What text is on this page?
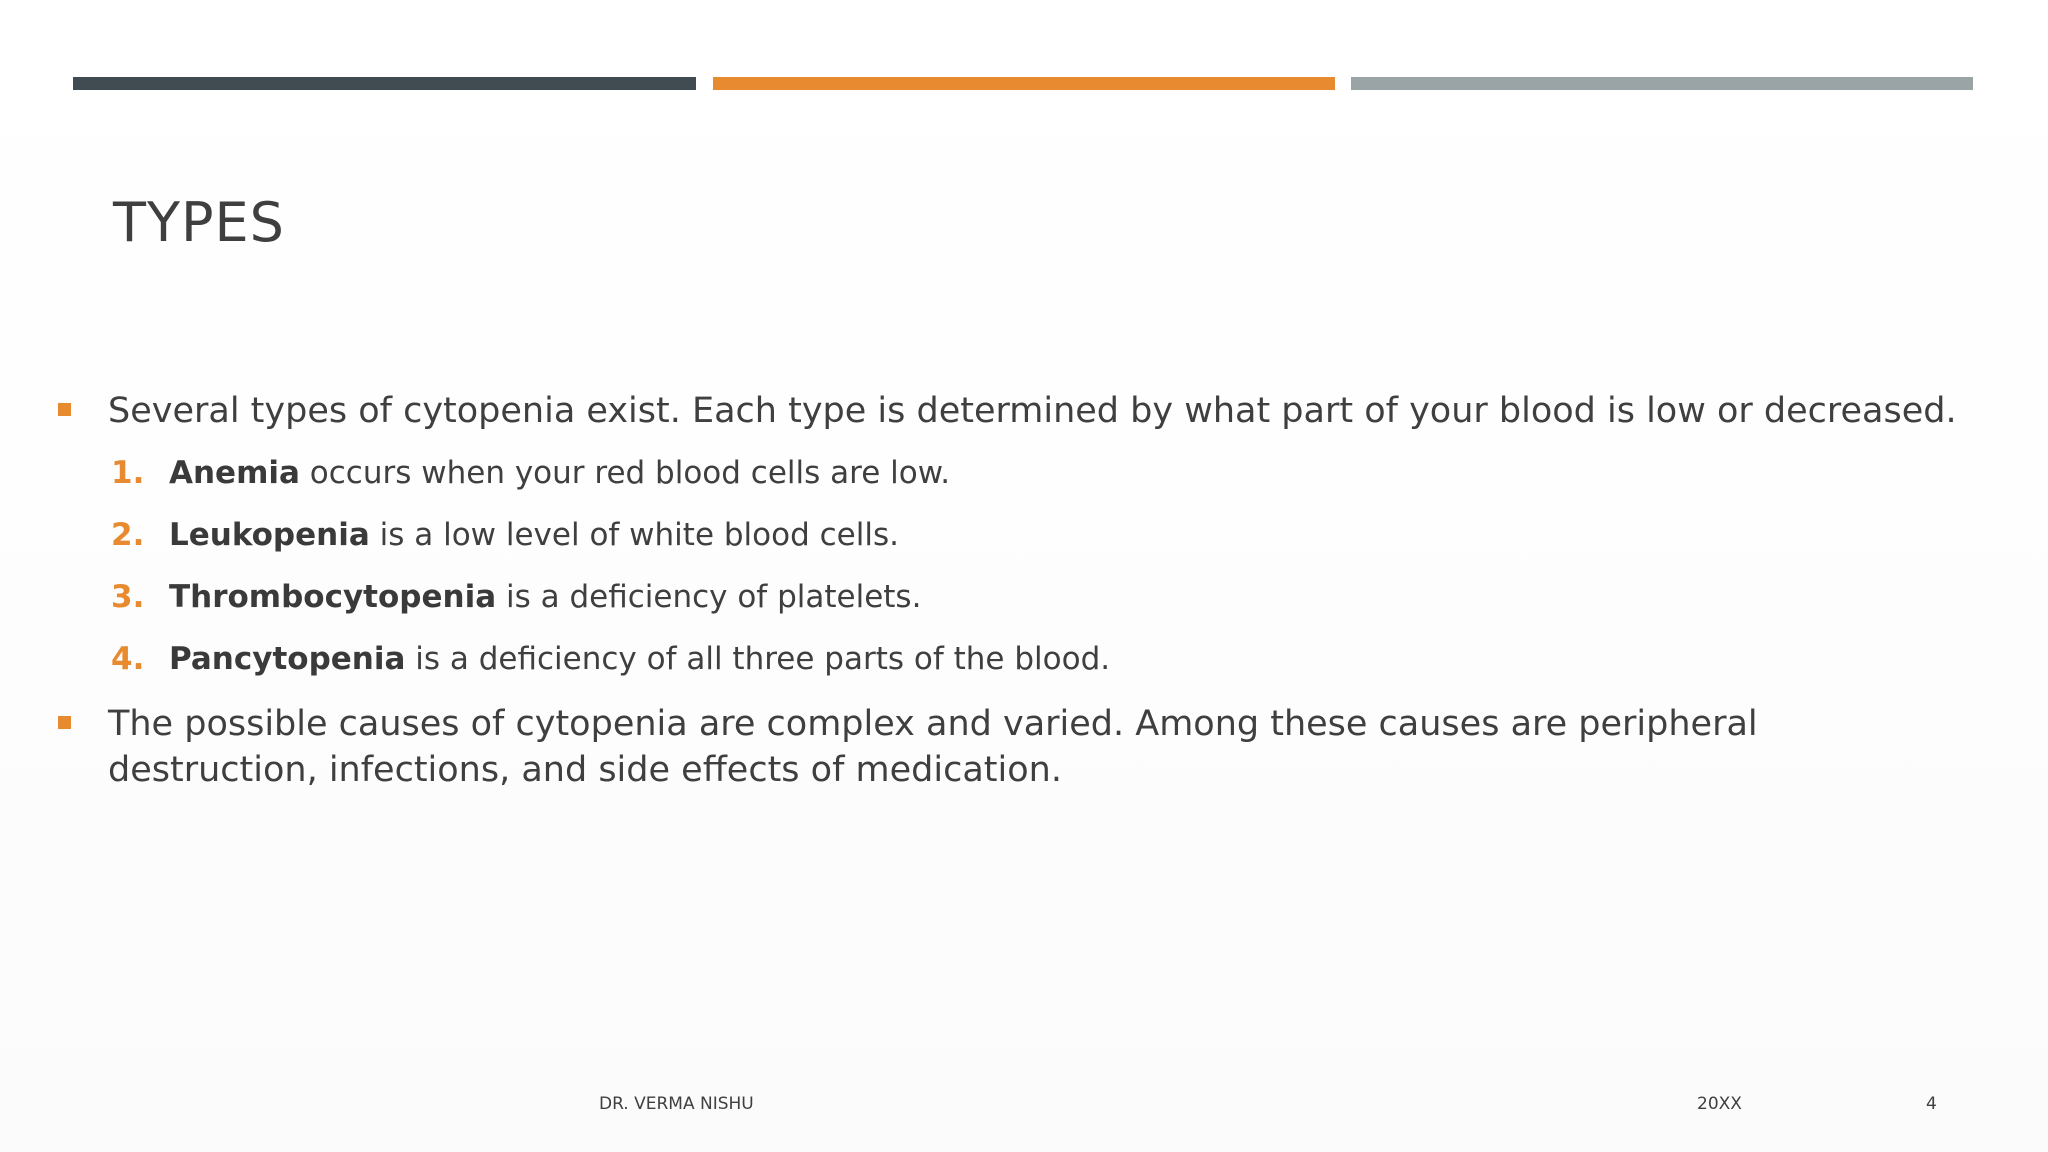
TYPES
Several types of cytopenia exist. Each type is determined by what part of your blood is low or decreased.
1. Anemia occurs when your red blood cells are low.
2. Leukopenia is a low level of white blood cells.
3. Thrombocytopenia is a deficiency of platelets.
4. Pancytopenia is a deficiency of all three parts of the blood.
The possible causes of cytopenia are complex and varied. Among these causes are peripheral destruction, infections, and side effects of medication.
DR. VERMA NISHU	20XX	4
